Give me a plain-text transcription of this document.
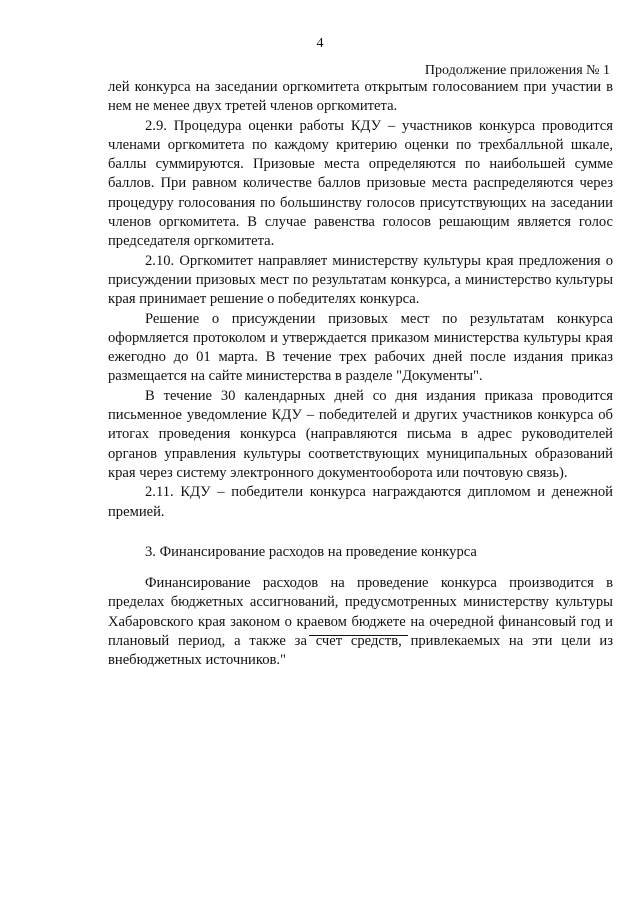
4
Продолжение приложения № 1

лей конкурса на заседании оргкомитета открытым голосованием при участии в нем не менее двух третей членов оргкомитета.

2.9. Процедура оценки работы КДУ – участников конкурса проводится членами оргкомитета по каждому критерию оценки по трехбалльной шкале, баллы суммируются. Призовые места определяются по наибольшей сумме баллов. При равном количестве баллов призовые места распределяются через процедуру голосования по большинству голосов присутствующих на заседании членов оргкомитета. В случае равенства голосов решающим является голос председателя оргкомитета.

2.10. Оргкомитет направляет министерству культуры края предложения о присуждении призовых мест по результатам конкурса, а министерство культуры края принимает решение о победителях конкурса.

Решение о присуждении призовых мест по результатам конкурса оформляется протоколом и утверждается приказом министерства культуры края ежегодно до 01 марта. В течение трех рабочих дней после издания приказ размещается на сайте министерства в разделе "Документы".

В течение 30 календарных дней со дня издания приказа проводится письменное уведомление КДУ – победителей и других участников конкурса об итогах проведения конкурса (направляются письма в адрес руководителей органов управления культуры соответствующих муниципальных образований края через систему электронного документооборота или почтовую связь).

2.11. КДУ – победители конкурса награждаются дипломом и денежной премией.

3. Финансирование расходов на проведение конкурса

Финансирование расходов на проведение конкурса производится в пределах бюджетных ассигнований, предусмотренных министерству культуры Хабаровского края законом о краевом бюджете на очередной финансовый год и плановый период, а также за счет средств, привлекаемых на эти цели из внебюджетных источников."
